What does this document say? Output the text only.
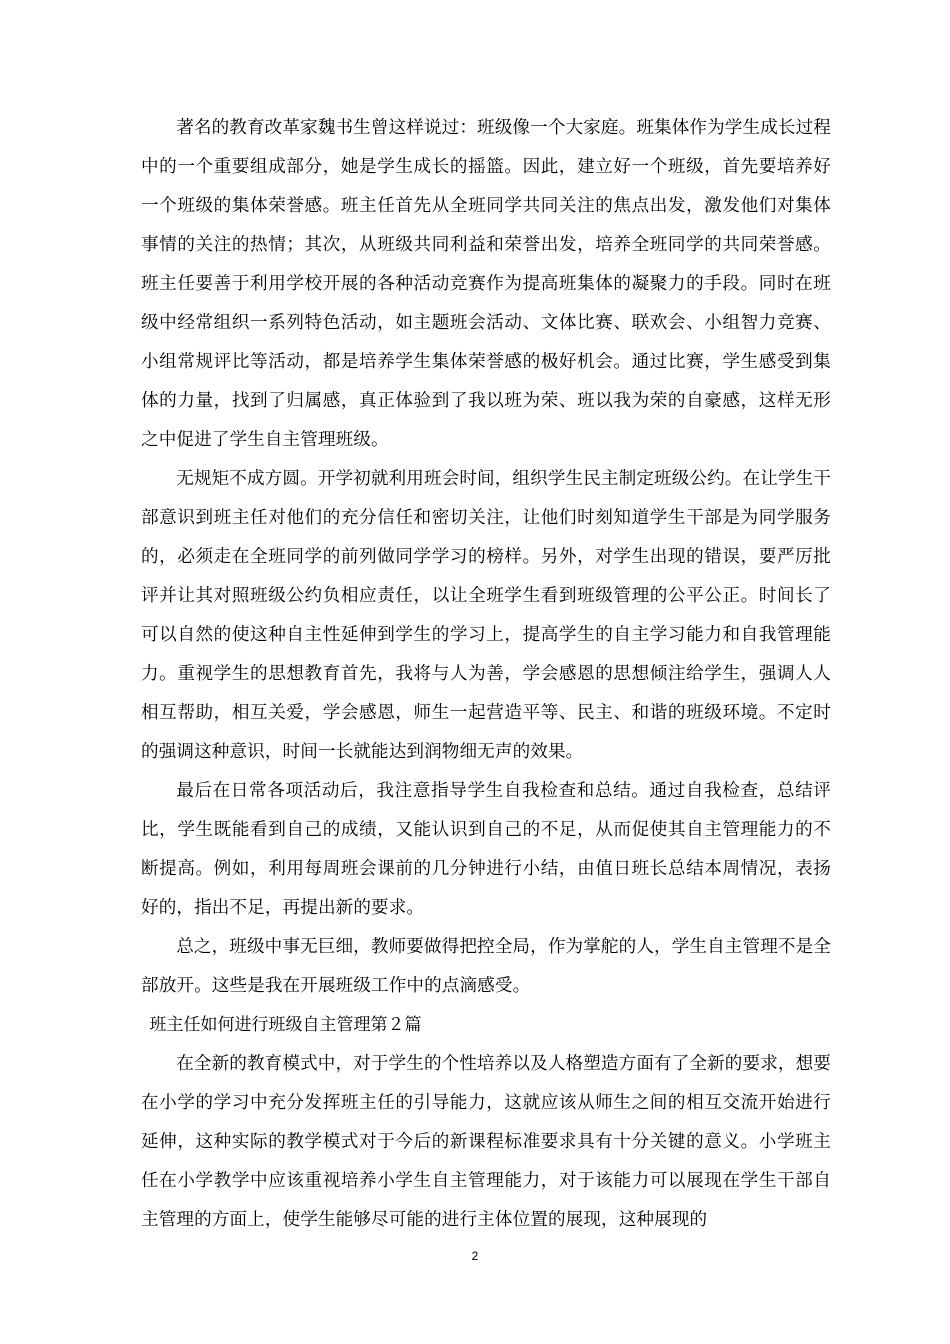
著名的教育改革家魏书生曾这样说过：班级像一个大家庭。班集体作为学生成长过程中的一个重要组成部分，她是学生成长的摇篮。因此，建立好一个班级，首先要培养好一个班级的集体荣誉感。班主任首先从全班同学共同关注的焦点出发，激发他们对集体事情的关注的热情；其次，从班级共同利益和荣誉出发，培养全班同学的共同荣誉感。班主任要善于利用学校开展的各种活动竞赛作为提高班集体的凝聚力的手段。同时在班级中经常组织一系列特色活动，如主题班会活动、文体比赛、联欢会、小组智力竞赛、小组常规评比等活动，都是培养学生集体荣誉感的极好机会。通过比赛，学生感受到集体的力量，找到了归属感，真正体验到了我以班为荣、班以我为荣的自豪感，这样无形之中促进了学生自主管理班级。

无规矩不成方圆。开学初就利用班会时间，组织学生民主制定班级公约。在让学生干部意识到班主任对他们的充分信任和密切关注，让他们时刻知道学生干部是为同学服务的，必须走在全班同学的前列做同学学习的榜样。另外，对学生出现的错误，要严厉批评并让其对照班级公约负相应责任，以让全班学生看到班级管理的公平公正。时间长了可以自然的使这种自主性延伸到学生的学习上，提高学生的自主学习能力和自我管理能力。重视学生的思想教育首先，我将与人为善，学会感恩的思想倾注给学生，强调人人相互帮助，相互关爱，学会感恩，师生一起营造平等、民主、和谐的班级环境。不定时的强调这种意识，时间一长就能达到润物细无声的效果。

最后在日常各项活动后，我注意指导学生自我检查和总结。通过自我检查，总结评比，学生既能看到自己的成绩，又能认识到自己的不足，从而促使其自主管理能力的不断提高。例如，利用每周班会课前的几分钟进行小结，由值日班长总结本周情况，表扬好的，指出不足，再提出新的要求。

总之，班级中事无巨细，教师要做得把控全局，作为掌舵的人，学生自主管理不是全部放开。这些是我在开展班级工作中的点滴感受。

班主任如何进行班级自主管理第２篇

在全新的教育模式中，对于学生的个性培养以及人格塑造方面有了全新的要求，想要在小学的学习中充分发挥班主任的引导能力，这就应该从师生之间的相互交流开始进行延伸，这种实际的教学模式对于今后的新课程标准要求具有十分关键的意义。小学班主任在小学教学中应该重视培养小学生自主管理能力，对于该能力可以展现在学生干部自主管理的方面上，使学生能够尽可能的进行主体位置的展现，这种展现的

2
